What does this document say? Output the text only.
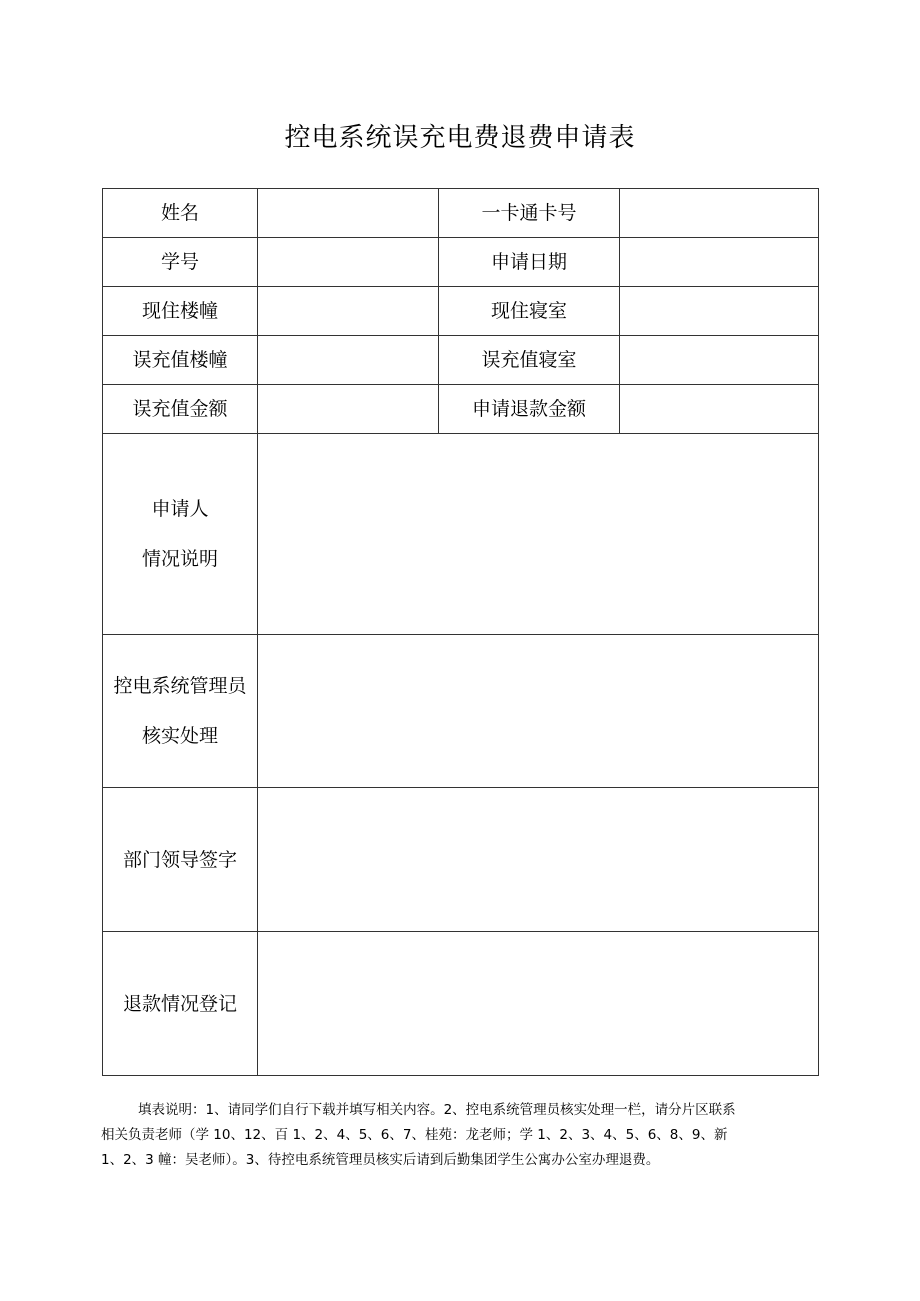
控电系统误充电费退费申请表
姓名		一卡通卡号	
学号		申请日期	
现住楼幢		现住寝室	
误充值楼幢		误充值寝室	
误充值金额		申请退款金额	

申请人
情况说明			

控电系统管理员
核实处理			

部门领导签字			
退款情况登记			
填表说明：1、请同学们自行下载并填写相关内容。2、控电系统管理员核实处理一栏，请分片区联系
相关负责老师（学 10、12、百 1、2、4、5、6、7、桂苑：龙老师；学 1、2、3、4、5、6、8、9、新
1、2、3 幢：吴老师）。3、待控电系统管理员核实后请到后勤集团学生公寓办公室办理退费。
